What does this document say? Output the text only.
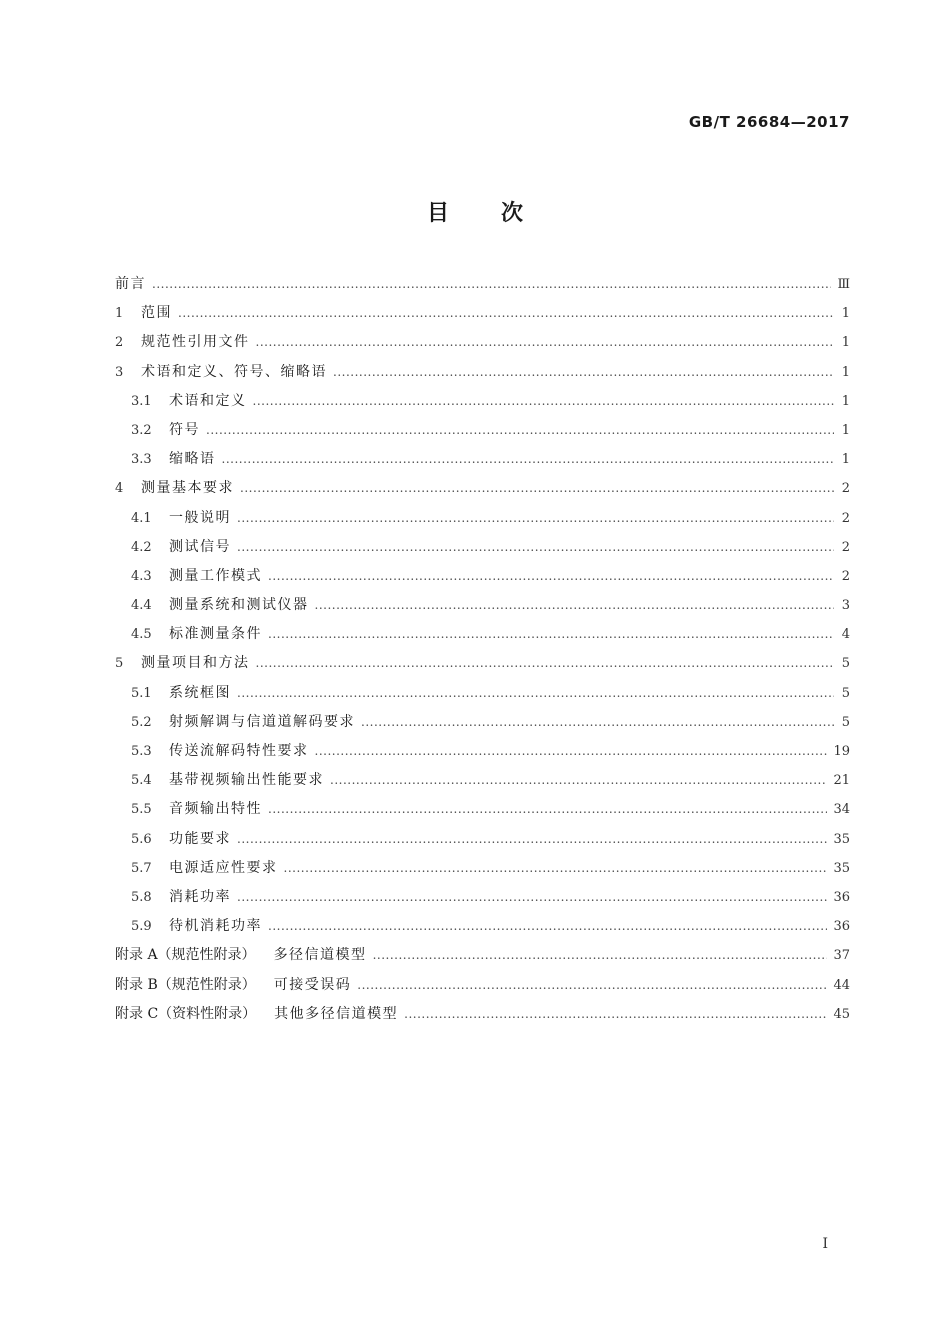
GB/T 26684—2017
目次
前言 .....	Ⅲ
1	范围 .....	1
2	规范性引用文件 .....	1
3	术语和定义、符号、缩略语 .....	1
3.1	术语和定义 .....	1
3.2	符号 .....	1
3.3	缩略语 .....	1
4	测量基本要求 .....	2
4.1	一般说明 .....	2
4.2	测试信号 .....	2
4.3	测量工作模式 .....	2
4.4	测量系统和测试仪器 .....	3
4.5	标准测量条件 .....	4
5	测量项目和方法 .....	5
5.1	系统框图 .....	5
5.2	射频解调与信道道解码要求 .....	5
5.3	传送流解码特性要求 .....	19
5.4	基带视频输出性能要求 .....	21
5.5	音频输出特性 .....	34
5.6	功能要求 .....	35
5.7	电源适应性要求 .....	35
5.8	消耗功率 .....	36
5.9	待机消耗功率 .....	36
附录 A（规范性附录） 多径信道模型 .....	37
附录 B（规范性附录） 可接受误码 .....	44
附录 C（资料性附录） 其他多径信道模型 .....	45
Ⅰ
